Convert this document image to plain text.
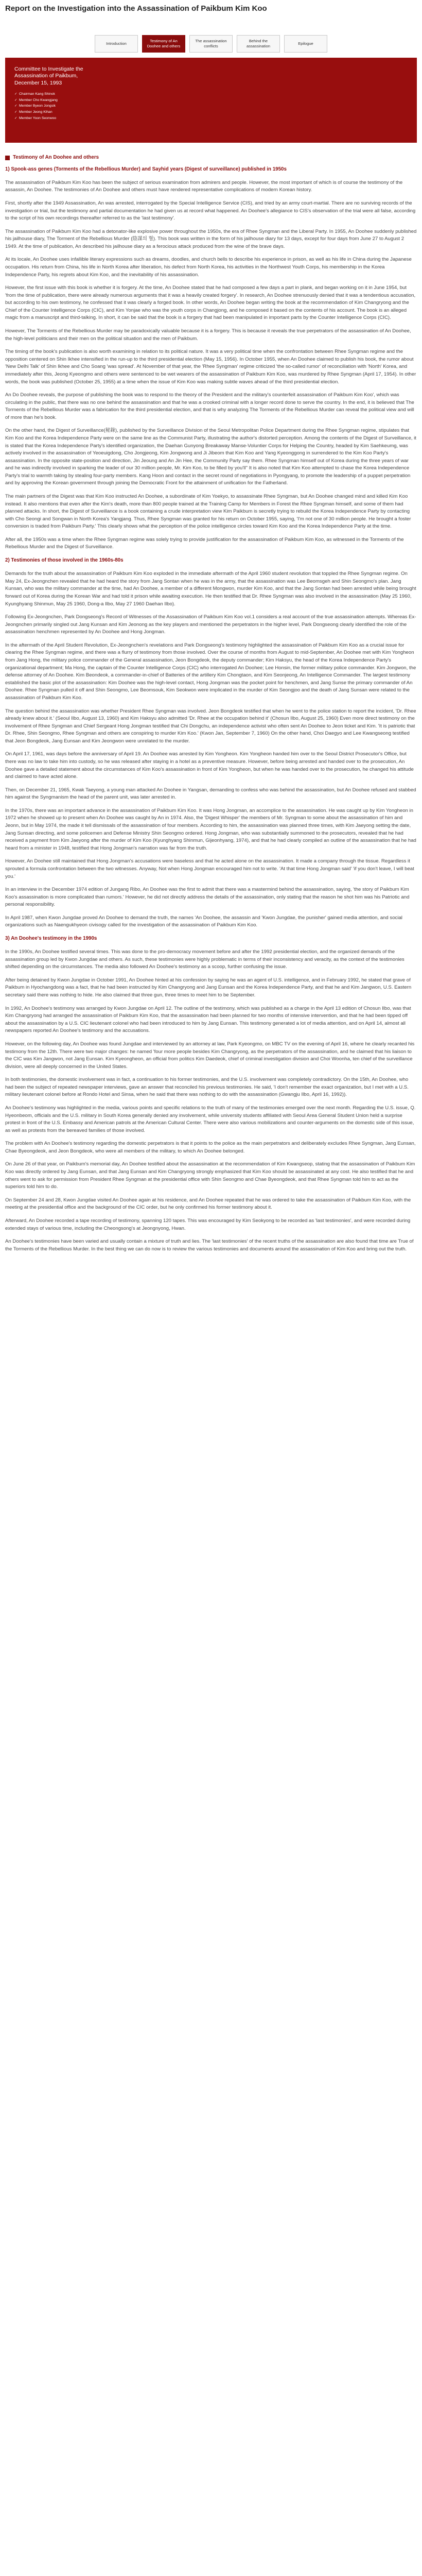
Report on the Investigation into the Assassination of Paikbum Kim Koo
Introduction
Testimony of An Doohee and others
The assassination conflicts
Behind the assassination
Epilogue
Committee to Investigate the Assassination of Paikbum, December 15, 1993
✓ Chairman Kang Shinok
✓ Member Cho Kwangjang
✓ Member Byeon Jongsik
✓ Member Jeong Kihan
✓ Member Yoon Seonwoo
Testimony of An Doohee and others
1) Spook-ass genes (Torments of the Rebellious Murder) and Sayhid years (Digest of surveillance) published in 1950s

The assassination of Paikbum Kim Koo has been the subject of serious examination from admirers and people. However, the most important of which is of course the testimony of the assassin, An Doohee. The testimonies of An Doohee and others must have rendered representative complications of modern Korean history.

First, shortly after the 1949 Assassination, An was arrested, interrogated by the Special Intelligence Service (CIS), and tried by an army court-martial. There are no surviving records of the investigation or trial, but the testimony and partial documentation he had given us at record what happened. An Doohee's allegiance to CIS's observation of the trial were all false, according to the script of his own recordings thereafter referred to as the 'last testimony'.

The assassination of Paikbum Kim Koo had a detonator-like explosive power throughout the 1950s, the era of Rhee Syngman and the Liberal Party. In 1955, An Doohee suddenly published his jailhouse diary, The Torment of the Rebellious Murder (陰謀의 혈). This book was written in the form of his jailhouse diary for 13 days, except for four days from June 27 to August 2 1949. At the time of publication, An described his jailhouse diary as a ferocious attack produced from the wine of the brave days.

At its locale, An Doohee uses infallible literary expressions such as dreams, doodles, and church bells to describe his experience in prison, as well as his life in China during the Japanese occupation. His return from China, his life in North Korea after liberation, his defect from North Korea, his activities in the Northwest Youth Corps, his membership in the Korea Independence Party, his regrets about Kim Koo, and the inevitability of his assassination.

However, the first issue with this book is whether it is forgery. At the time, An Doohee stated that he had composed a few days a part in plank, and began working on it in June 1954, but 'from the time of publication, there were already numerous arguments that it was a heavily created forgery'. In research, An Doohee strenuously denied that it was a tendentious accusation, but according to his own testimony, he confessed that it was clearly a forged book. In other words, An Doohee began writing the book at the recommendation of Kim Changryong and the Chief of the Counter Intelligence Corps (CIC), and Kim Yonjae who was the youth corps in Changjong, and he composed it based on the contents of his account. The book is an alleged magic from a manuscript and third-talking. In short, it can be said that the book is a forgery that had been manipulated in important parts by the Counter Intelligence Corps (CIC).

However, The Torments of the Rebellious Murder may be paradoxically valuable because it is a forgery. This is because it reveals the true perpetrators of the assassination of An Doohee, the high-level politicians and their men on the political situation and the men of Paikbum.

The timing of the book's publication is also worth examining in relation to its political nature. It was a very political time when the confrontation between Rhee Syngman regime and the opposition centered on Shin Ikhee intensified in the run-up to the third presidential election (May 15, 1956). In October 1955, when An Doohee claimed to publish his book, the rumor about 'New Delhi Talk' of Shin Ikhee and Cho Soang 'was spread'. At November of that year, the 'Rhee Syngman' regime criticized 'the so-called rumor' of reconciliation with 'North' Korea, and immediately after this, Jeong Kyeongmo and others were sentenced to be wet wearers of the assassination of Paikbum Kim Koo, was murdered by Rhee Syngman (April 17, 1954). In other words, the book was published (October 25, 1955) at a time when the issue of Kim Koo was making subtle waves ahead of the third presidential election.

An Do Doohee reveals, the purpose of publishing the book was to respond to the theory of the President and the military's counterfeit assassination of Paikbum Kim Koo', which was circulating in the public, that there was no one behind the assassination and that he was a crooked criminal with a longer record done to serve the country. In the end, it is believed that The Torments of the Rebellious Murder was a fabrication for the third presidential election, and that is why analyzing The Torments of the Rebellious Murder can reveal the political view and will of more than he's book.

On the other hand, the Digest of Surveillance(秘錄), published by the Surveillance Division of the Seoul Metropolitan Police Department during the Rhee Syngman regime, stipulates that Kim Koo and the Korea Independence Party were on the same line as the Communist Party, illustrating the author's distorted perception. Among the contents of the Digest of Surveillance, it is stated that the Korea Independence Party's identified organization, the Daehan Gunyong Breakaway Manse-Voluntier Corps for Helping the Country, headed by Kim Saehkeumg, was actively involved in the assassination of Yeoeuigdong, Cho Jongjeong, Kim Jongwong and Ji Jibeom that Kim Koo and Yang Kyeonggong in surrendered to the Kim Koo Party's assassination. In the opposite state-position and direction, Jin Jeoung and An Jin Hee, the Community Party say them. Rhee Syngman himself out of Korea during the three years of war and he was indirectly involved in sparking the leader of our 30 million people, Mr. Kim Koo, to be filled by you'll'' It is also noted that Kim Koo attempted to chase the Korea Independence Party's trial to warmth taking by stealing four-party members. Kang Hoon and contact in the secret round of negotiations in Pyongyang, to promote the leadership of a puppet perpetration and by approving the Korean government through joining the Democratic Front for the attainment of unification for the Fatherland.

The main partners of the Digest was that Kim Koo instructed An Doohee, a subordinate of Kim Yoekyo, to assassinate Rhee Syngman, but An Doohee changed mind and killed Kim Koo instead. It also mentions that even after the Kim's death, more than 800 people trained at the Training Camp for Members in Forest the Rhee Syngman himself, and some of them had planned attacks. In short, the Digest of Surveillance is a book containing a crude interpretation view Kim Paikbum is secretly trying to rebuild the Korea Independence Party by contacting with Cho Seongi and Songwan in North Korea's Yangjang. Thus, Rhee Syngman was granted for his return on October 1955, saying, 'I'm not one of 30 million people. He brought a foster conversion is traded from Paikbum Party.' This clearly shows what the perception of the police intelligence circles toward Kim Koo and the Korea Independence Party at the time.

After all, the 1950s was a time when the Rhee Syngman regime was solely trying to provide justification for the assassination of Paikbum Kim Koo, as witnessed in the Torments of the Rebellious Murder and the Digest of Surveillance.

2) Testimonies of those involved in the 1960s-80s

Demands for the truth about the assassination of Paikbum Kim Koo exploded in the immediate aftermath of the April 1960 student revolution that toppled the Rhee Syngman regime. On May 24, Ex-Jeongnchen revealed that he had heard the story from Jang Sontan when he was in the army, that the assassination was Lee Beomsgeh and Shin Seongmo's plan. Jang Kunsan, who was the military commander at the time, had An Doohee, a member of a different Mongwon, murder Kim Koo, and that the Jang Sontan had been arrested while being brought forward out of Korea during the Korean War and had told it prison while awaiting execution. He then testified that Dr. Rhee Syngman was also involved in the assassination (May 25 1960, Kyunghyang Shinmun, May 25 1960, Dong-a Ilbo, May 27 1960 Daehan Ilbo).

Following Ex-Jeongnchen, Park Dongseong's Record of Witnesses of the Assassination of Paikbum Kim Koo vol.1 considers a real account of the true assassination attempts. Whereas Ex-Jeongnchen primarily singled out Jang Kunsan and Kim Jeonong as the key players and mentioned the perpetrators in the higher level, Park Dongseong clearly identified the role of the assassination henchmen represented by An Doohee and Hong Jongman.

In the aftermath of the April Student Revolution, Ex-Jeongnchen's revelations and Park Dongseong's testimony highlighted the assassination of Paikbum Kim Koo as a crucial issue for clearing the Rhee Syngman regime, and there was a flurry of testimony from those involved. Over the course of months from August to mid-September, An Doohee met with Kim Yongheon from Jang Hong, the military police commander of the General assassination, Jeon Bongdeok, the deputy commander; Kim Haksyu, the head of the Korea Independence Party's organizational department; Ma Hong, the captain of the Counter Intelligence Corps (CIC) who interrogated An Doohee; Lee Honsin, the former military police commander. Kim Jongwon, the defense attorney of An Doohee. Kim Beondeok, a commander-in-chief of Batteries of the artillery Kim Chongtaon, and Kim Seonjeong, An Intelligence Commander. The largest testimony established the basic plot of the assassination: Kim Doohee was the high-level contact, Hong Jongman was the pocket point for henchmen, and Jang Sunse the primary commander of An Doohee. Rhee Syngman pulled it off and Shin Seongmo, Lee Beomsouk, Kim Seokwon were implicated in the murder of Kim Seongjoo and the death of Jang Sunsan were related to the assassination of Paikbum Kim Koo.

The question behind the assassination was whether President Rhee Syngman was involved. Jeon Bongdeok testified that when he went to the police station to report the incident, 'Dr. Rhee already knew about it.' (Seoul Ilbo, August 13, 1960) and Kim Haksyu also admitted 'Dr. Rhee at the occupation behind it' (Chosun Ilbo, August 25, 1960) Even more direct testimony on the involvement of Rhee Syngman and Chief Sergeant Hong Jongman testified that Chi Dongchu, an independence activist who often sent An Doohee to Jeon ticket and Kim. 'It is patriotic that Dr. Rhee, Shin Seongmo, Rhee Syngman and others are conspiring to murder Kim Koo.' (Kwon Jan, September 7, 1960) On the other hand, Choi Daegyo and Lee Kwangseong testified that Jeon Bongdeok, Jang Eunsan and Kim Jeongwon were unrelated to the murder.

On April 17, 1961, was days before the anniversary of April 19. An Doohee was arrested by Kim Yongheon. Kim Yongheon handed him over to the Seoul District Prosecutor's Office, but there was no law to take him into custody, so he was released after staying in a hotel as a preventive measure. However, before being arrested and handed over to the prosecution, An Doohee gave a detailed statement about the circumstances of Kim Koo's assassination in front of Kim Yongheon, but when he was handed over to the prosecution, he changed his attitude and claimed to have acted alone.

Then, on December 21, 1965, Kwak Taeyong, a young man attacked An Doohee in Yangsan, demanding to confess who was behind the assassination, but An Doohee refused and stabbed him against the Syngmanism the head of the parent unit, was later arrested in.

In the 1970s, there was an important advance in the assassination of Paikbum Kim Koo. It was Hong Jongman, an accomplice to the assassination. He was caught up by Kim Yongheon in 1972 when he showed up to present when An Doohee was caught by An in 1974. Also, the 'Digest Whisper' the members of Mr. Syngman to some about the assassination of him and Jeonn, but in May 1974, the made it tell dismissals of the assassination of four members. According to him, the assassination was planned three times, with Kim Jaeyong setting the date, Jang Sunsan directing, and some policemen and Defense Ministry Shin Seongmo ordered. Hong Jongman, who was substantially summoned to the prosecutors, revealed that he had received a payment from Kim Jaeyong after the murder of Kim Koo (Kyunghyang Shinmun, Gijeonhyang, 1974), and that he had clearly compiled an outline of the assassination that he had heard from a minister in 1948, testified that Hong Jongman's narration was far from the truth.

However, An Doohee still maintained that Hong Jongman's accusations were baseless and that he acted alone on the assassination. It made a company through the tissue. Regardless it sprouted a formula confrontation between the two witnesses. Anyway, Not when Hong Jongman encouraged him not to write. 'At that time Hong Jongman said' 'if you don't leave, I will beat you.'

In an interview in the December 1974 edition of Jungang Ribo, An Doohee was the first to admit that there was a mastermind behind the assassination, saying, 'the story of Paikbum Kim Koo's assassination is more complicated than rumors.' However, he did not directly address the details of the assassination, only stating that the reason he shot him was his Patriotic and personal responsibility.

In April 1987, when Kwon Jungdae proved An Doohee to demand the truth, the names 'An Doohee, the assassin and 'Kwon Jungdae, the punisher' gained media attention, and social organizations such as Naengukhyeon civisogy called for the investigation of the assassination of Paikbum Kim Koo.

3) An Doohee's testimony in the 1990s

In the 1990s, An Doohee testified several times. This was done to the pro-democracy movement before and after the 1992 presidential election, and the organized demands of the assassination group led by Kwon Jungdae and others. As such, these testimonies were highly problematic in terms of their inconsistency and veracity, as the context of the testimonies shifted depending on the circumstances. The media also followed An Doohee's testimony as a scoop, further confusing the issue.

After being detained by Kwon Jungdae in October 1991, An Doohee hinted at his confession by saying he was an agent of U.S. intelligence, and in February 1992, he stated that grave of Paikbum in Hyochangdong was a fact, that he had been instructed by Kim Changryong and Jang Eunsan and the Korea Independence Party, and that he and Kim Jangwon, U.S. Eastern secretary said there was nothing to hide. He also claimed that three gun, three times to meet him to be September.

In 1992, An Doohee's testimony was arranged by Kwon Jungdae on April 12. The outline of the testimony, which was published as a charge in the April 13 edition of Chosun Ilbo, was that Kim Changryong had arranged the assassination of Paikbum Kim Koo, that the assassination had been planned for two months of intensive intervention, and that he had been tipped off about the assassination by a U.S. CIC lieutenant colonel who had been introduced to him by Jang Eunsan. This testimony generated a lot of media attention, and on April 14, almost all newspapers reported An Doohee's testimony and the accusations.

However, on the following day, An Doohee was found Jungdae and interviewed by an attorney at law, Park Kyeongmo, on MBC TV on the evening of April 16, where he clearly recanted his testimony from the 12th. There were two major changes: he named 'four more people besides Kim Changryong, as the perpetrators of the assassination, and he claimed that his liaison to the CIC was Kim Jangwon, not Jang Eunsan. Kim Kyeongheon, an official from politics Kim Daedeok, chief of criminal investigation division and Choi Woonha, ten chief of the surveillance division, were all deeply concerned in the United States.

In both testimonies, the domestic involvement was in fact, a continuation to his former testimonies, and the U.S. involvement was completely contradictory. On the 15th, An Doohee, who had been the subject of repeated newspaper interviews, gave an answer that reconciled his previous testimonies. He said, 'I don't remember the exact organization, but I met with a U.S. military lieutenant colonel before at Rondo Hotel and Sinsa, when he said that there was nothing to do with the assassination (Gwangju Ilbo, April 16, 1992)).

An Doohee's testimony was highlighted in the media, various points and specific relations to the truth of many of the testimonies emerged over the next month. Regarding the U.S. issue, Q. Hyeonbeom, officials and the U.S. military in South Korea generally denied any involvement, while university students affiliated with Seoul Area General Student Union held a surprise protest in front of the U.S. Embassy and American patrols at the American Cultural Center. There were also various mobilizations and counter-arguments on the domestic side of this issue, as well as protests from the bereaved families of those involved.

The problem with An Doohee's testimony regarding the domestic perpetrators is that it points to the police as the main perpetrators and deliberately excludes Rhee Syngman, Jang Eunsan, Chae Byeongdeok, and Jeon Bongdeok, who were all members of the military, to which An Doohee belonged.

On June 26 of that year, on Paikbum's memorial day, An Doohee testified about the assassination at the recommendation of Kim Kwangseop, stating that the assassination of Paikbum Kim Koo was directly ordered by Jang Eunsan, and that Jang Eunsan and Kim Changryong strongly emphasized that Kim Koo should be assassinated at any cost. He also testified that he and others went to ask for permission from President Rhee Syngman at the presidential office with Shin Seongmo and Chae Byeongdeok, and that Rhee Syngman told him to act as the superiors told him to do.

On September 24 and 28, Kwon Jungdae visited An Doohee again at his residence, and An Doohee repeated that he was ordered to take the assassination of Paikbum Kim Koo, with the meeting at the presidential office and the background of the CIC order, but he only confirmed his former testimony about it.

Afterward, An Doohee recorded a tape recording of testimony, spanning 120 tapes. This was encouraged by Kim Seokyong to be recorded as 'last testimonies', and were recorded during extended stays of various time, including the Cheongsong's at Jeongnyong, Hwan.

An Doohee's testimonies have been varied and usually contain a mixture of truth and lies. The 'last testimonies' of the recent truths of the assassination are also found that time are True of the Torments of the Rebellious Murder. In the best thing we can do now is to review the various testimonies and documents around the assassination of Kim Koo and bring out the truth.
